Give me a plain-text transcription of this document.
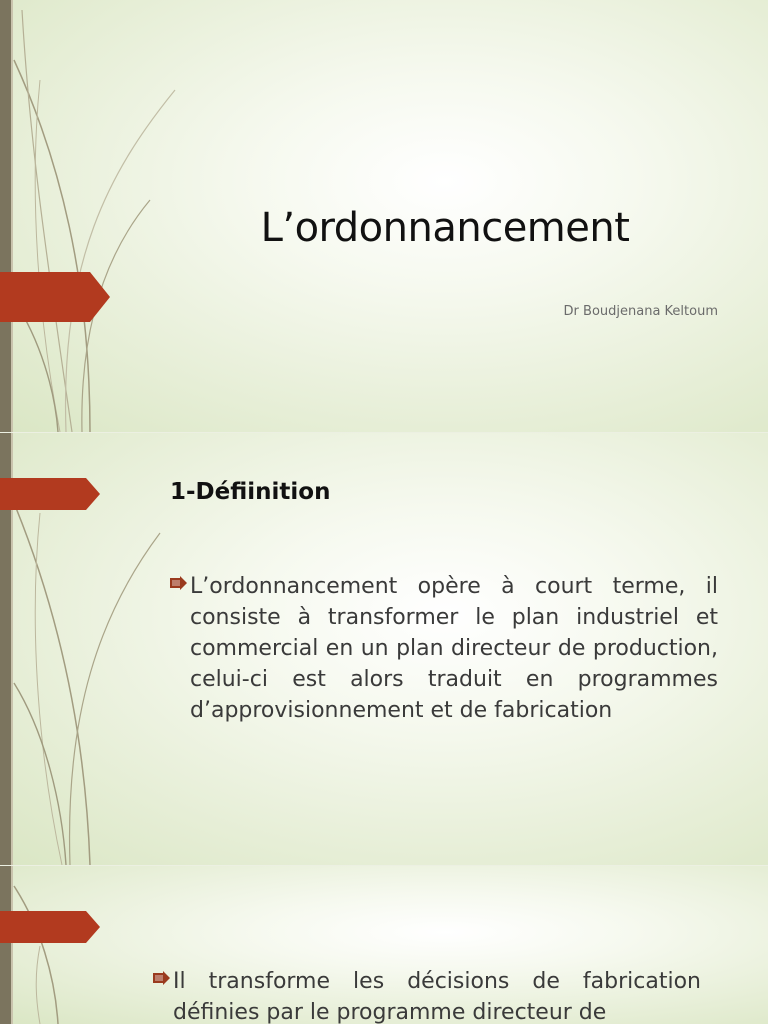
L’ordonnancement

Dr Boudjenana Keltoum

1-Défiinition

L’ordonnancement opère à court terme, il consiste à transformer le plan industriel et commercial en un plan directeur de production, celui-ci est alors traduit en programmes d’approvisionnement et de fabrication

Il transforme les décisions de fabrication définies par le programme directeur de
